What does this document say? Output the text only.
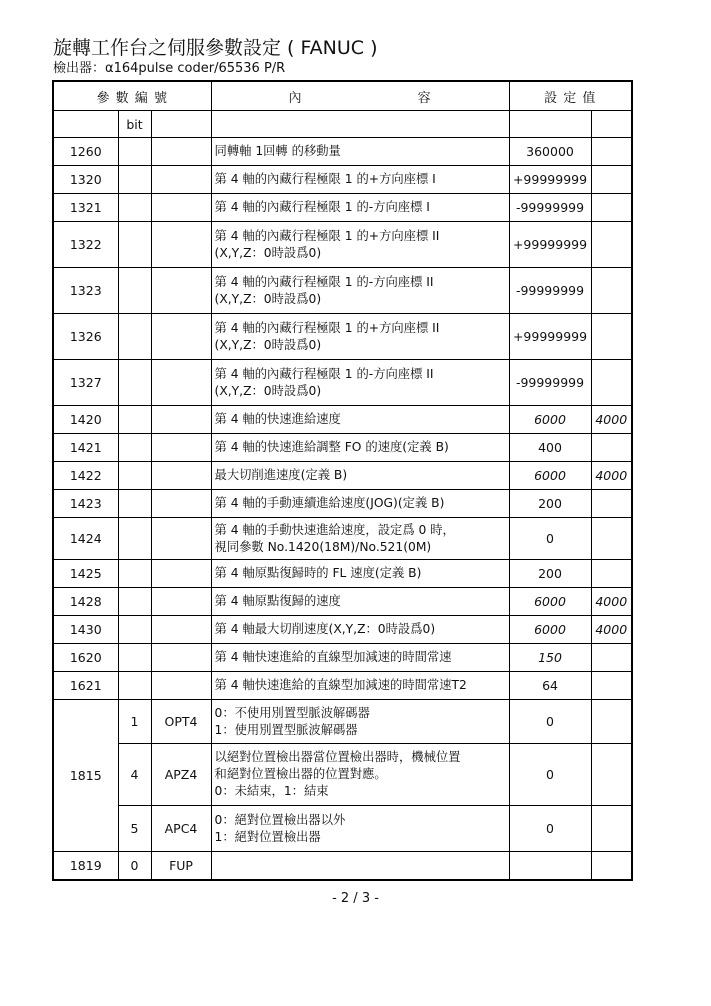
旋轉工作台之伺服參數設定 ( FANUC )
檢出器：α164pulse coder/65536 P/R
參 數 編 號			內 容	設 定 值	
	bit				
1260			同轉軸 1回轉 的移動量	360000	
1320			第 4 軸的內藏行程極限 1 的+方向座標 I	+99999999	
1321			第 4 軸的內藏行程極限 1 的-方向座標 I	-99999999	
1322			第 4 軸的內藏行程極限 1 的+方向座標 II
(X,Y,Z：0時設爲0)	+99999999	
1323			第 4 軸的內藏行程極限 1 的-方向座標 II
(X,Y,Z：0時設爲0)	-99999999	
1326			第 4 軸的內藏行程極限 1 的+方向座標 II
(X,Y,Z：0時設爲0)	+99999999	
1327			第 4 軸的內藏行程極限 1 的-方向座標 II
(X,Y,Z：0時設爲0)	-99999999	
1420			第 4 軸的快速進給速度	6000	4000
1421			第 4 軸的快速進給調整 FO 的速度(定義 B)	400	
1422			最大切削進速度(定義 B)	6000	4000
1423			第 4 軸的手動連續進給速度(JOG)(定義 B)	200	
1424			第 4 軸的手動快速進給速度，設定爲 0 時，
視同參數 No.1420(18M)/No.521(0M)	0	
1425			第 4 軸原點復歸時的 FL 速度(定義 B)	200	
1428			第 4 軸原點復歸的速度	6000	4000
1430			第 4 軸最大切削速度(X,Y,Z：0時設爲0)	6000	4000
1620			第 4 軸快速進給的直線型加減速的時間常速	150	
1621			第 4 軸快速進給的直線型加減速的時間常速T2	64	
1815	1	OPT4	0：不使用別置型脈波解碼器
1：使用別置型脈波解碼器	0	
	4	APZ4	以絕對位置檢出器當位置檢出器時，機械位置
和絕對位置檢出器的位置對應。
0：未結束，1：結束	0	
	5	APC4	0：絕對位置檢出器以外
1：絕對位置檢出器	0	
1819	0	FUP			
- 2 / 3 -
